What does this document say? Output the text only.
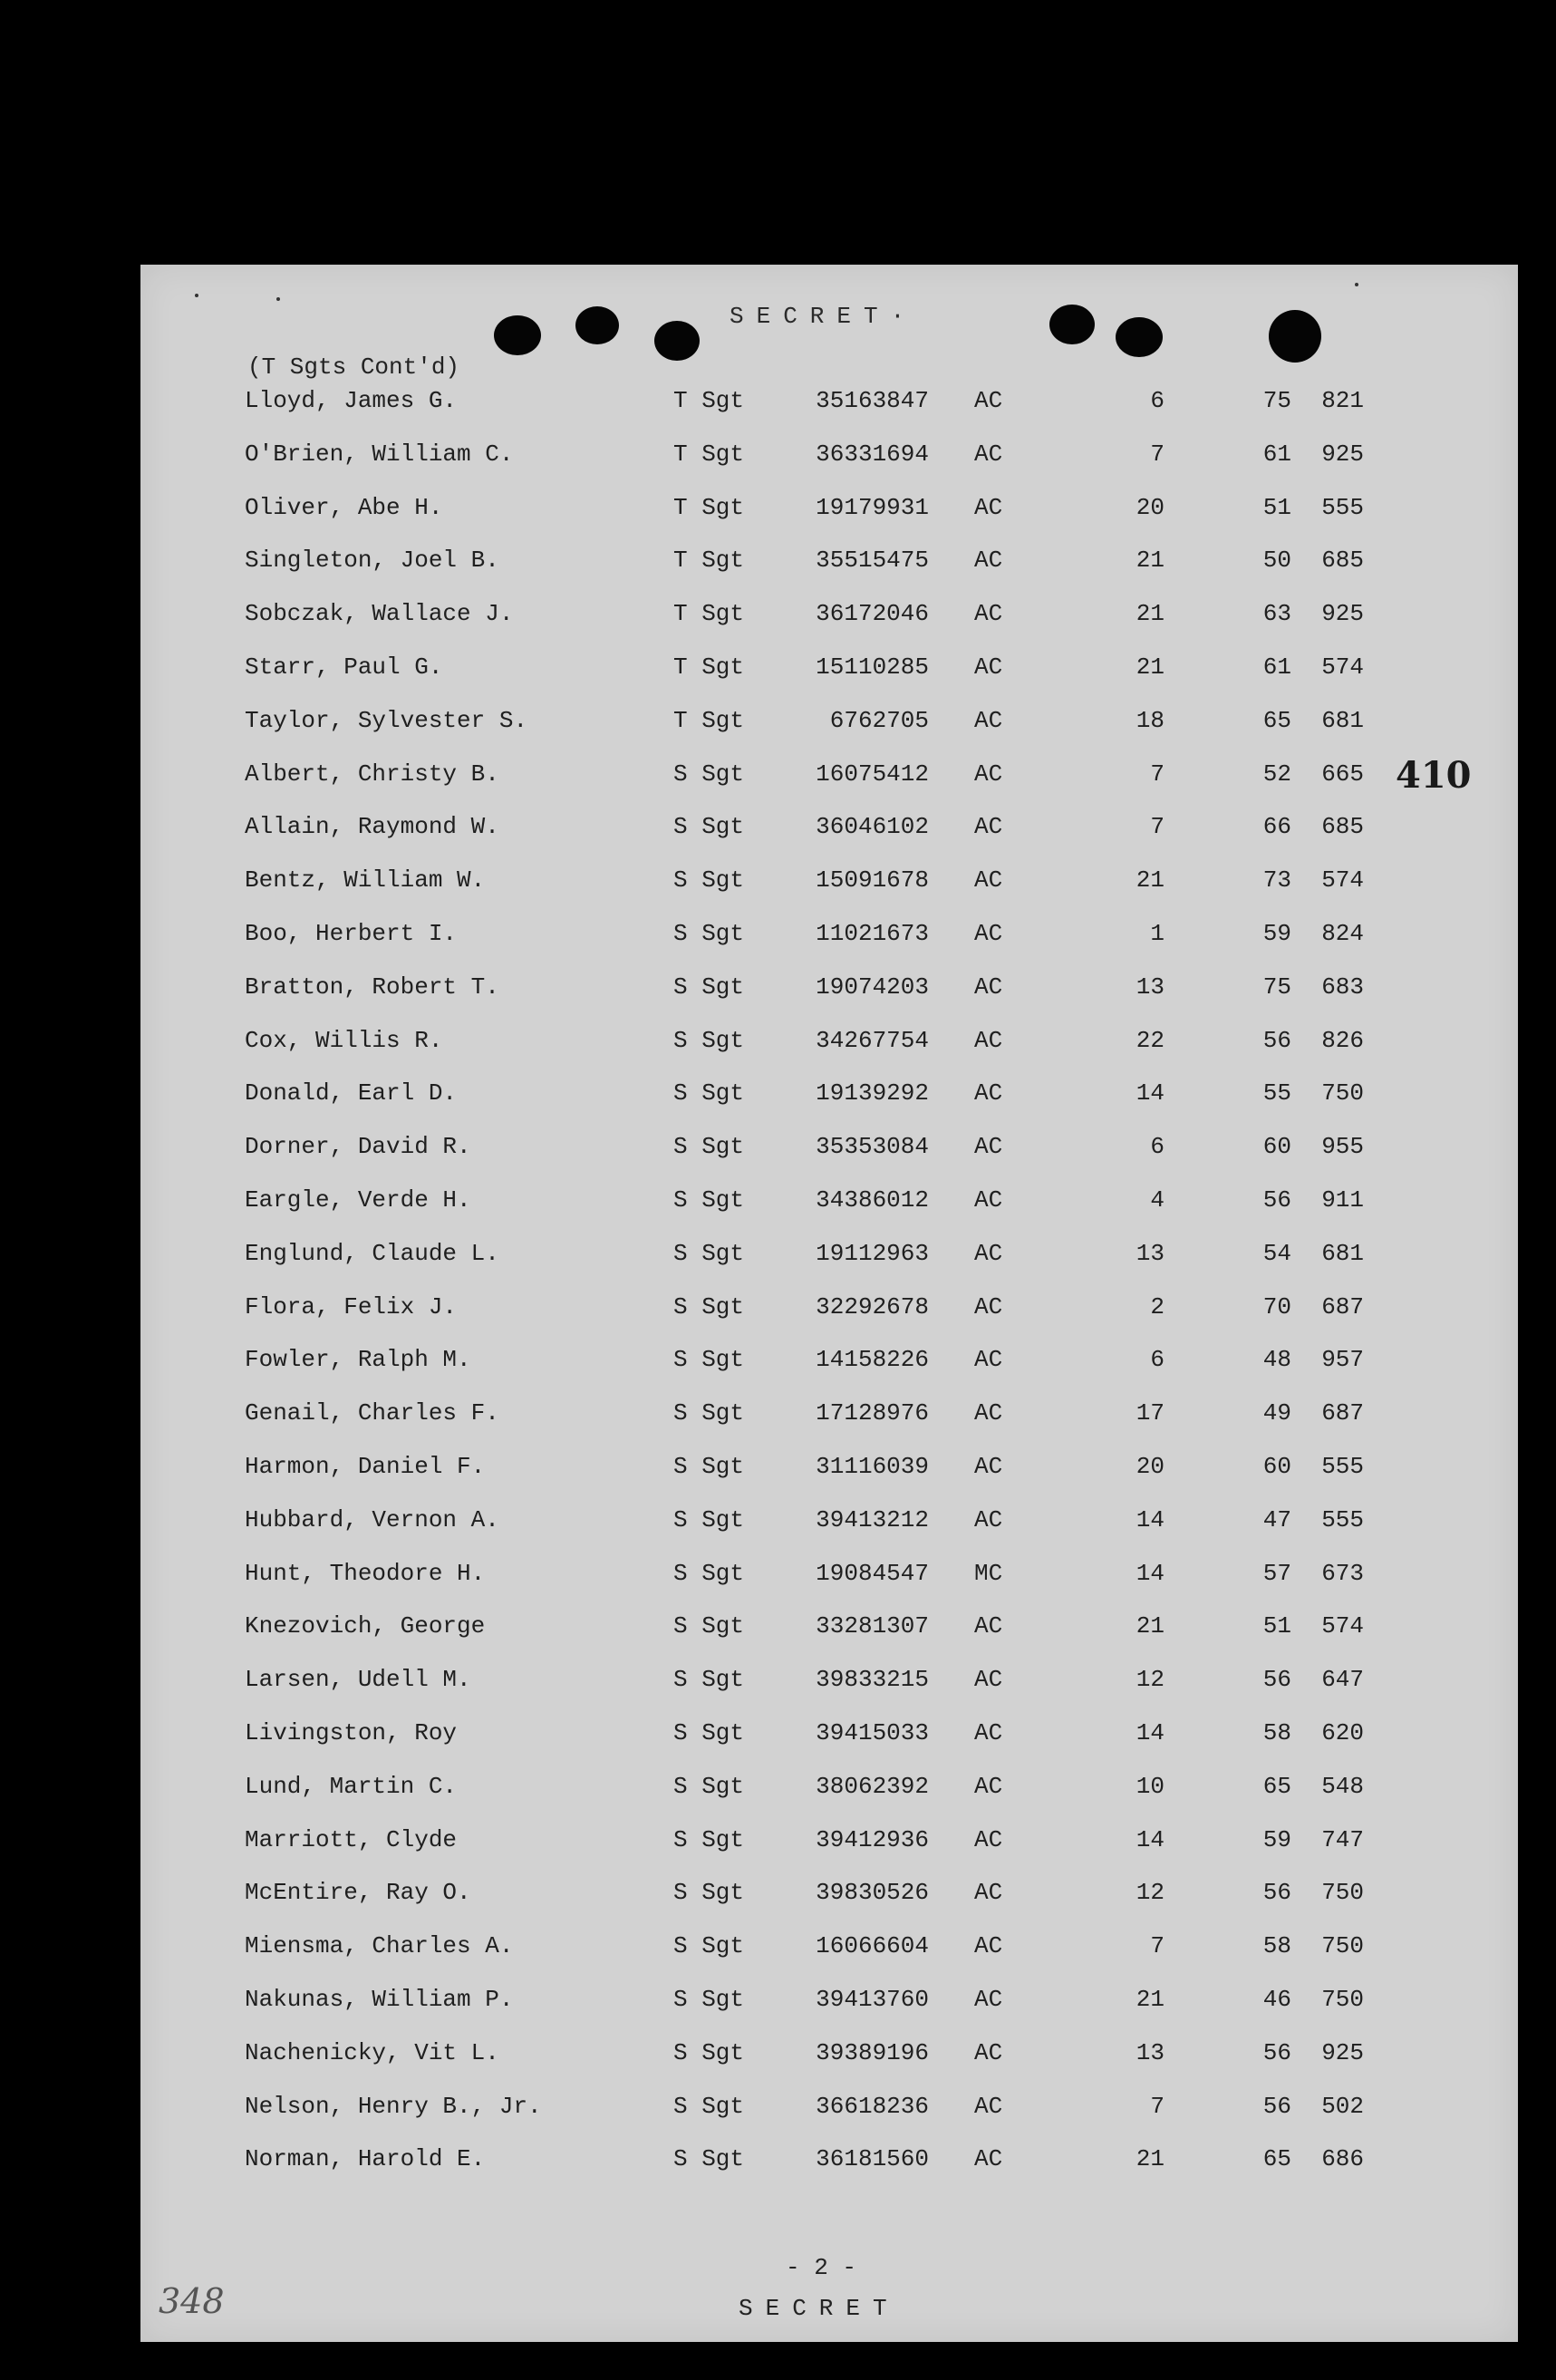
SECRET·
(T Sgts Cont'd)
410
Lloyd, James G.	T Sgt	35163847 AC	6	75	821
O'Brien, William C.	T Sgt	36331694 AC	7	61	925
Oliver, Abe H.	T Sgt	19179931 AC	20	51	555
Singleton, Joel B.	T Sgt	35515475 AC	21	50	685
Sobczak, Wallace J.	T Sgt	36172046 AC	21	63	925
Starr, Paul G.	T Sgt	15110285 AC	21	61	574
Taylor, Sylvester S.	T Sgt	6762705 AC	18	65	681
Albert, Christy B.	S Sgt	16075412 AC	7	52	665
Allain, Raymond W.	S Sgt	36046102 AC	7	66	685
Bentz, William W.	S Sgt	15091678 AC	21	73	574
Boo, Herbert I.	S Sgt	11021673 AC	1	59	824
Bratton, Robert T.	S Sgt	19074203 AC	13	75	683
Cox, Willis R.	S Sgt	34267754 AC	22	56	826
Donald, Earl D.	S Sgt	19139292 AC	14	55	750
Dorner, David R.	S Sgt	35353084 AC	6	60	955
Eargle, Verde H.	S Sgt	34386012 AC	4	56	911
Englund, Claude L.	S Sgt	19112963 AC	13	54	681
Flora, Felix J.	S Sgt	32292678 AC	2	70	687
Fowler, Ralph M.	S Sgt	14158226 AC	6	48	957
Genail, Charles F.	S Sgt	17128976 AC	17	49	687
Harmon, Daniel F.	S Sgt	31116039 AC	20	60	555
Hubbard, Vernon A.	S Sgt	39413212 AC	14	47	555
Hunt, Theodore H.	S Sgt	19084547 MC	14	57	673
Knezovich, George	S Sgt	33281307 AC	21	51	574
Larsen, Udell M.	S Sgt	39833215 AC	12	56	647
Livingston, Roy	S Sgt	39415033 AC	14	58	620
Lund, Martin C.	S Sgt	38062392 AC	10	65	548
Marriott, Clyde	S Sgt	39412936 AC	14	59	747
McEntire, Ray O.	S Sgt	39830526 AC	12	56	750
Miensma, Charles A.	S Sgt	16066604 AC	7	58	750
Nakunas, William P.	S Sgt	39413760 AC	21	46	750
Nachenicky, Vit L.	S Sgt	39389196 AC	13	56	925
Nelson, Henry B., Jr.	S Sgt	36618236 AC	7	56	502
Norman, Harold E.	S Sgt	36181560 AC	21	65	686
- 2 -
SECRET
348
